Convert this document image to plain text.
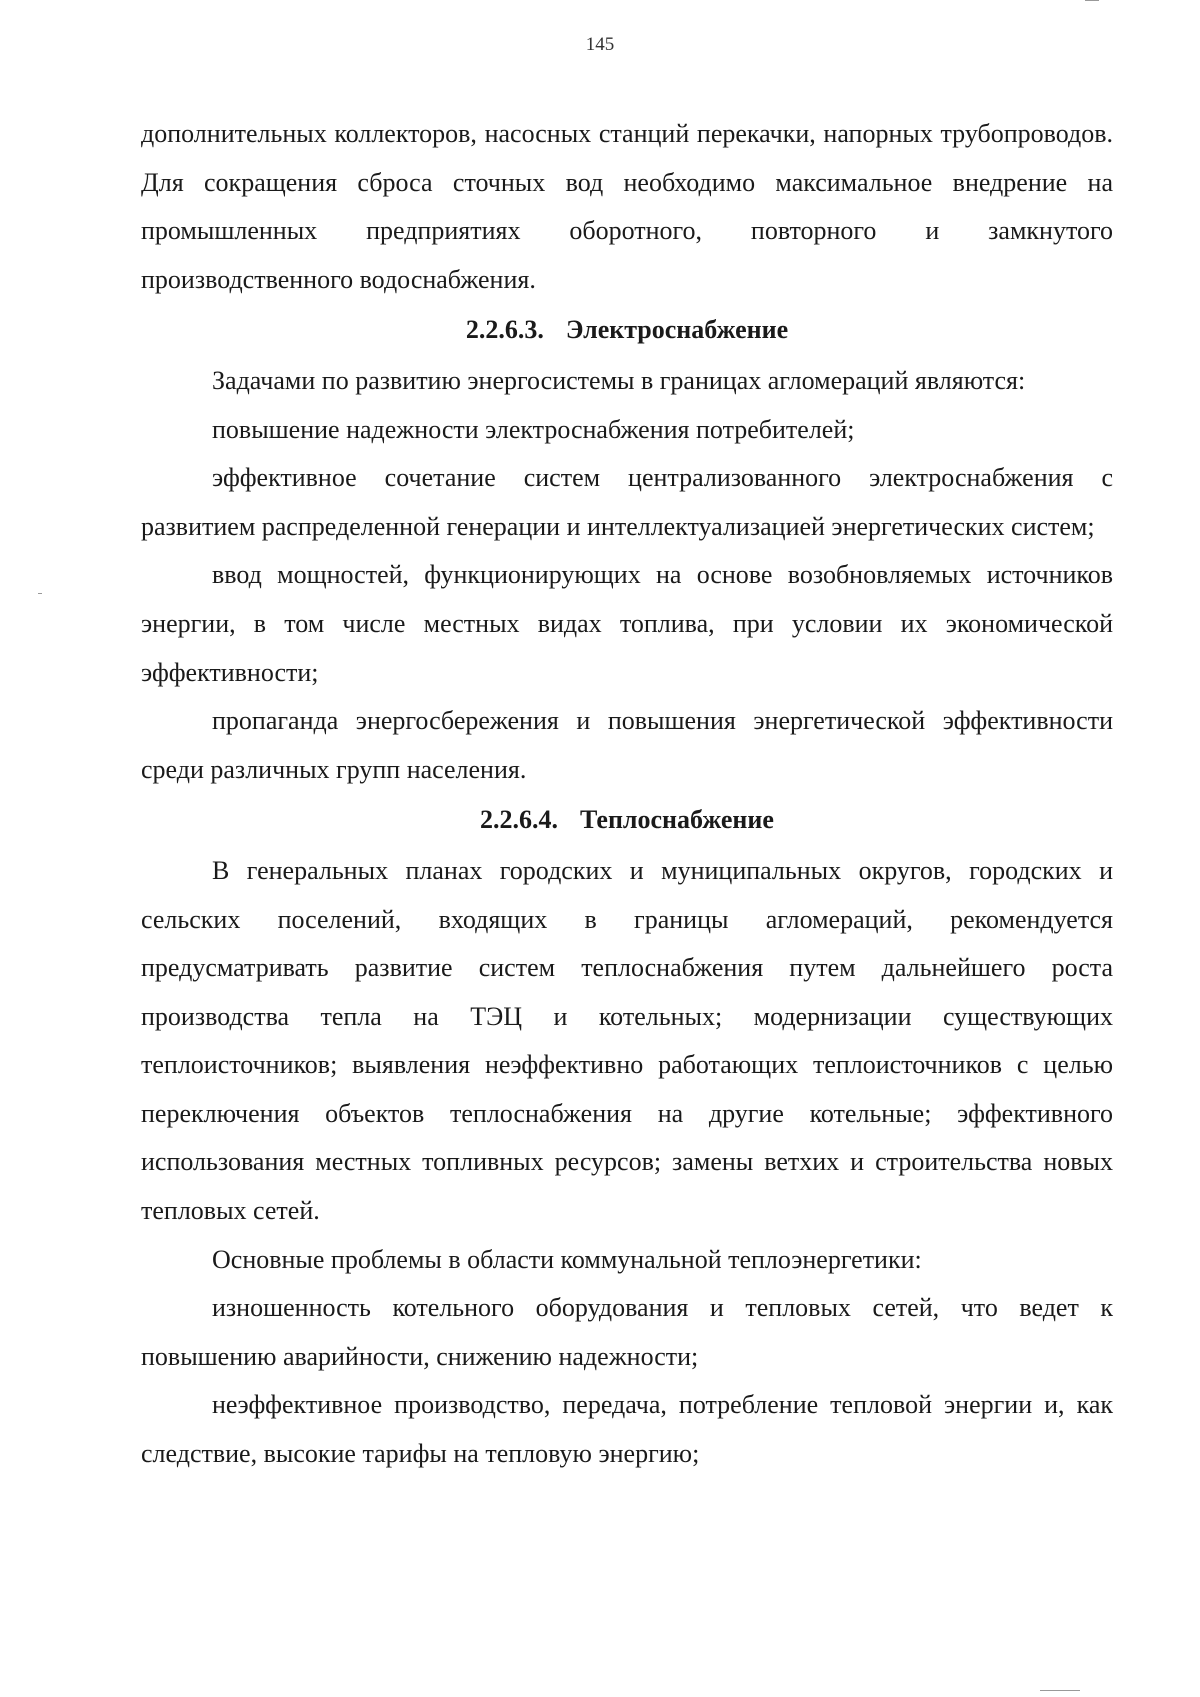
145

дополнительных коллекторов, насосных станций перекачки, напорных трубопроводов. Для сокращения сброса сточных вод необходимо максимальное внедрение на промышленных предприятиях оборотного, повторного и замкнутого производственного водоснабжения.

2.2.6.3. Электроснабжение

Задачами по развитию энергосистемы в границах агломераций являются:

повышение надежности электроснабжения потребителей;

эффективное сочетание систем централизованного электроснабжения с развитием распределенной генерации и интеллектуализацией энергетических систем;

ввод мощностей, функционирующих на основе возобновляемых источников энергии, в том числе местных видах топлива, при условии их экономической эффективности;

пропаганда энергосбережения и повышения энергетической эффективности среди различных групп населения.

2.2.6.4. Теплоснабжение

В генеральных планах городских и муниципальных округов, городских и сельских поселений, входящих в границы агломераций, рекомендуется предусматривать развитие систем теплоснабжения путем дальнейшего роста производства тепла на ТЭЦ и котельных; модернизации существующих теплоисточников; выявления неэффективно работающих теплоисточников с целью переключения объектов теплоснабжения на другие котельные; эффективного использования местных топливных ресурсов; замены ветхих и строительства новых тепловых сетей.

Основные проблемы в области коммунальной теплоэнергетики:

изношенность котельного оборудования и тепловых сетей, что ведет к повышению аварийности, снижению надежности;

неэффективное производство, передача, потребление тепловой энергии и, как следствие, высокие тарифы на тепловую энергию;
